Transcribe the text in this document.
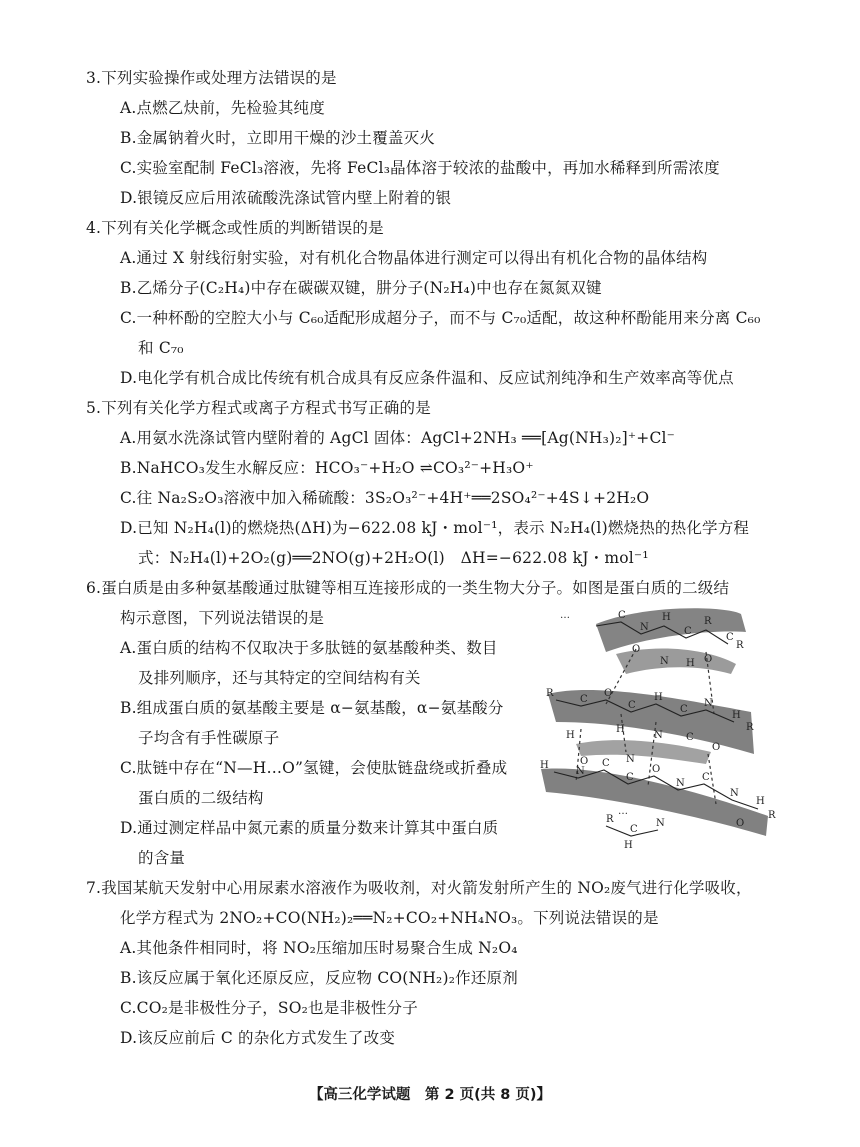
3.下列实验操作或处理方法错误的是
A.点燃乙炔前，先检验其纯度
B.金属钠着火时，立即用干燥的沙土覆盖灭火
C.实验室配制 FeCl₃溶液，先将 FeCl₃晶体溶于较浓的盐酸中，再加水稀释到所需浓度
D.银镜反应后用浓硫酸洗涤试管内壁上附着的银
4.下列有关化学概念或性质的判断错误的是
A.通过 X 射线衍射实验，对有机化合物晶体进行测定可以得出有机化合物的晶体结构
B.乙烯分子(C₂H₄)中存在碳碳双键，肼分子(N₂H₄)中也存在氮氮双键
C.一种杯酚的空腔大小与 C₆₀适配形成超分子，而不与 C₇₀适配，故这种杯酚能用来分离 C₆₀
和 C₇₀
D.电化学有机合成比传统有机合成具有反应条件温和、反应试剂纯净和生产效率高等优点
5.下列有关化学方程式或离子方程式书写正确的是
A.用氨水洗涤试管内壁附着的 AgCl 固体：AgCl+2NH₃ ══[Ag(NH₃)₂]⁺+Cl⁻
B.NaHCO₃发生水解反应：HCO₃⁻+H₂O ⇌CO₃²⁻+H₃O⁺
C.往 Na₂S₂O₃溶液中加入稀硫酸：3S₂O₃²⁻+4H⁺══2SO₄²⁻+4S↓+2H₂O
D.已知 N₂H₄(l)的燃烧热(ΔH)为−622.08 kJ・mol⁻¹，表示 N₂H₄(l)燃烧热的热化学方程
式：N₂H₄(l)+2O₂(g)══2NO(g)+2H₂O(l)　ΔH=−622.08 kJ・mol⁻¹
6.蛋白质是由多种氨基酸通过肽键等相互连接形成的一类生物大分子。如图是蛋白质的二级结
构示意图，下列说法错误的是
A.蛋白质的结构不仅取决于多肽链的氨基酸种类、数目
及排列顺序，还与其特定的空间结构有关
B.组成蛋白质的氨基酸主要是 α−氨基酸，α−氨基酸分
子均含有手性碳原子
C.肽链中存在“N—H…O”氢键，会使肽链盘绕或折叠成
蛋白质的二级结构
D.通过测定样品中氮元素的质量分数来计算其中蛋白质
的含量
…
…
C
N
H
C
R
C
O
O
R
N H
R
C
O
C
H
C
N
H
R
H
H
N C
O
O	N
H
N
C
C
O
N
C
N
H
R
O
R
C
N
H
7.我国某航天发射中心用尿素水溶液作为吸收剂，对火箭发射所产生的 NO₂废气进行化学吸收，
化学方程式为 2NO₂+CO(NH₂)₂══N₂+CO₂+NH₄NO₃。下列说法错误的是
A.其他条件相同时，将 NO₂压缩加压时易聚合生成 N₂O₄
B.该反应属于氧化还原反应，反应物 CO(NH₂)₂作还原剂
C.CO₂是非极性分子，SO₂也是非极性分子
D.该反应前后 C 的杂化方式发生了改变
【高三化学试题　第 2 页(共 8 页)】
